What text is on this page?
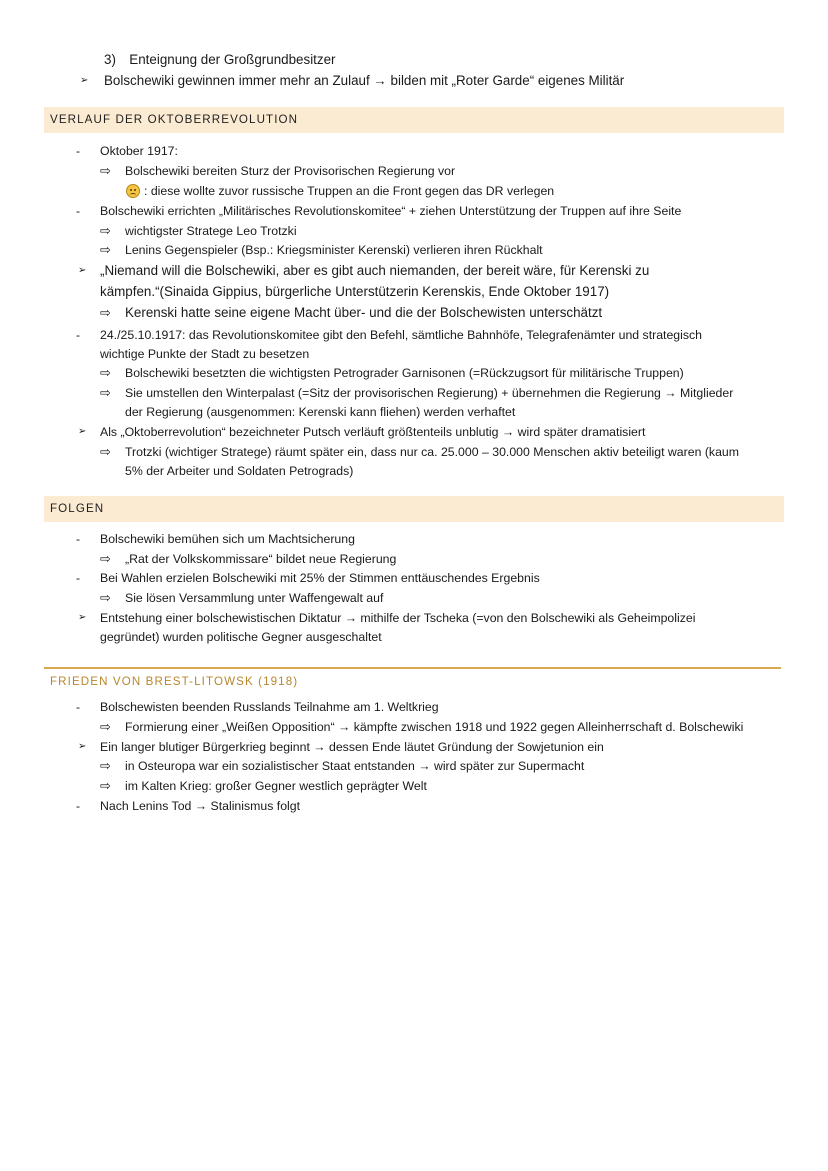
3) Enteignung der Großgrundbesitzer
➢ Bolschewiki gewinnen immer mehr an Zulauf → bilden mit „Roter Garde“ eigenes Militär
VERLAUF DER OKTOBERREVOLUTION
- Oktober 1917:
⇨ Bolschewiki bereiten Sturz der Provisorischen Regierung vor
: diese wollte zuvor russische Truppen an die Front gegen das DR verlegen
- Bolschewiki errichten „Militärisches Revolutionskomitee“ + ziehen Unterstützung der Truppen auf ihre Seite
⇨ wichtigster Stratege Leo Trotzki
⇨ Lenins Gegenspieler (Bsp.: Kriegsminister Kerenski) verlieren ihren Rückhalt
➢ „Niemand will die Bolschewiki, aber es gibt auch niemanden, der bereit wäre, für Kerenski zu
kämpfen.“(Sinaida Gippius, bürgerliche Unterstützerin Kerenskis, Ende Oktober 1917)
⇨ Kerenski hatte seine eigene Macht über- und die der Bolschewisten unterschätzt
- 24./25.10.1917: das Revolutionskomitee gibt den Befehl, sämtliche Bahnhöfe, Telegrafenämter und strategisch
wichtige Punkte der Stadt zu besetzen
⇨ Bolschewiki besetzten die wichtigsten Petrograder Garnisonen (=Rückzugsort für militärische Truppen)
⇨ Sie umstellen den Winterpalast (=Sitz der provisorischen Regierung) + übernehmen die Regierung → Mitglieder
der Regierung (ausgenommen: Kerenski kann fliehen) werden verhaftet
➢ Als „Oktoberrevolution“ bezeichneter Putsch verläuft größtenteils unblutig → wird später dramatisiert
⇨ Trotzki (wichtiger Stratege) räumt später ein, dass nur ca. 25.000 – 30.000 Menschen aktiv beteiligt waren (kaum
5% der Arbeiter und Soldaten Petrograds)
FOLGEN
- Bolschewiki bemühen sich um Machtsicherung
⇨ „Rat der Volkskommissare“ bildet neue Regierung
- Bei Wahlen erzielen Bolschewiki mit 25% der Stimmen enttäuschendes Ergebnis
⇨ Sie lösen Versammlung unter Waffengewalt auf
➢ Entstehung einer bolschewistischen Diktatur → mithilfe der Tscheka (=von den Bolschewiki als Geheimpolizei
gegründet) wurden politische Gegner ausgeschaltet
FRIEDEN VON BREST-LITOWSK (1918)
- Bolschewisten beenden Russlands Teilnahme am 1. Weltkrieg
⇨ Formierung einer „Weißen Opposition“ → kämpfte zwischen 1918 und 1922 gegen Alleinherrschaft d. Bolschewiki
➢ Ein langer blutiger Bürgerkrieg beginnt → dessen Ende läutet Gründung der Sowjetunion ein
⇨ in Osteuropa war ein sozialistischer Staat entstanden → wird später zur Supermacht
⇨ im Kalten Krieg: großer Gegner westlich geprägter Welt
- Nach Lenins Tod → Stalinismus folgt
